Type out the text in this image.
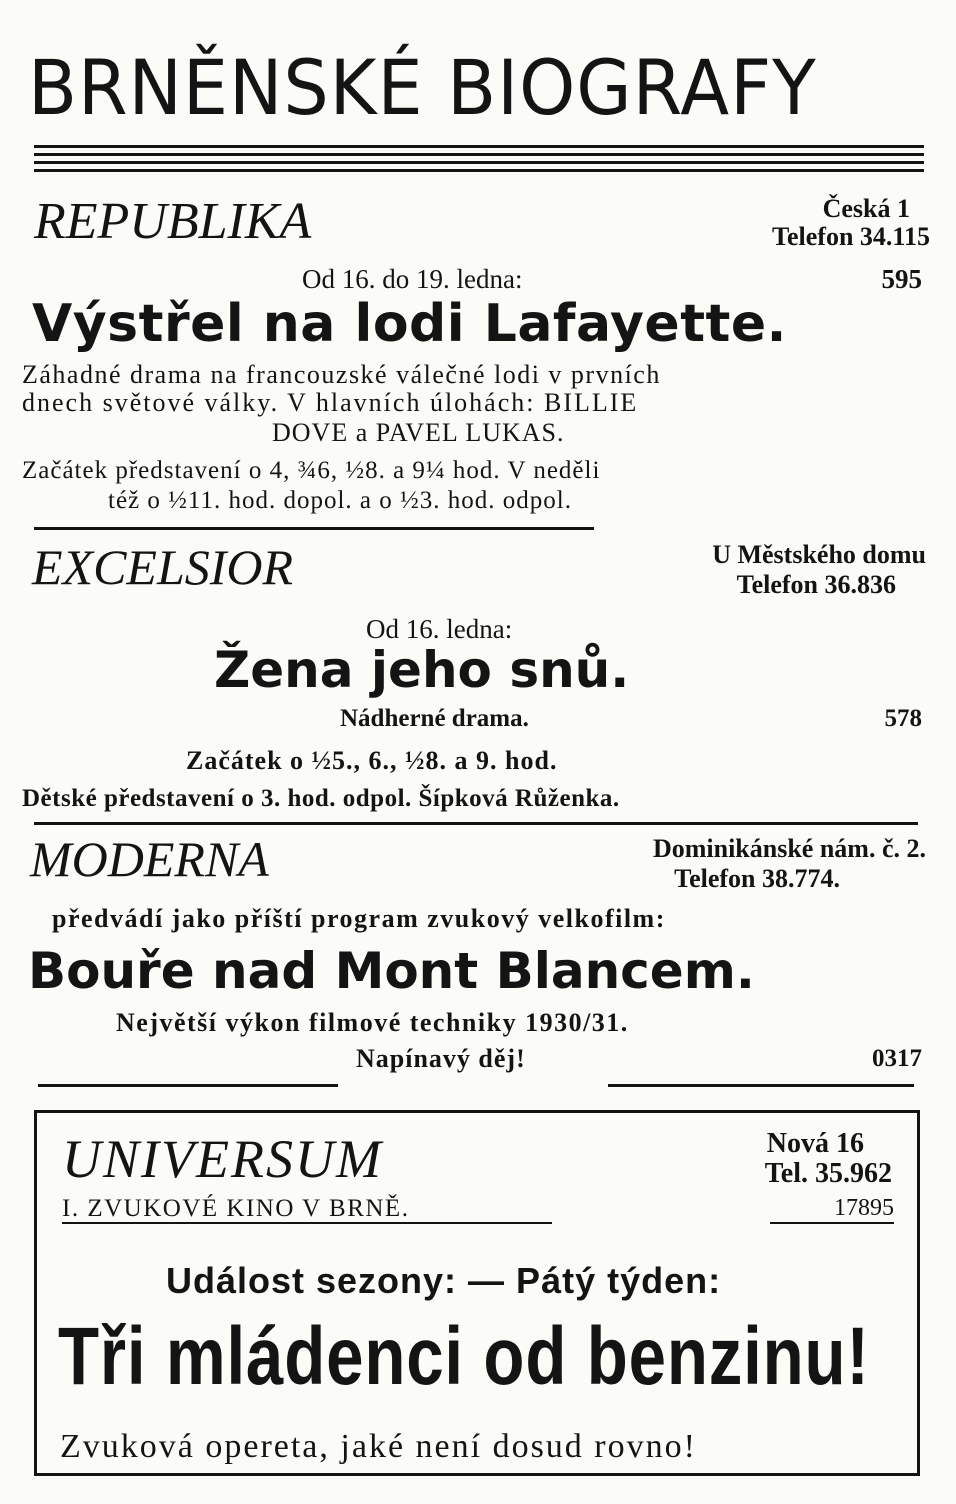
BRNĚNSKÉ BIOGRAFY
REPUBLIKA	Česká 1
Telefon 34.115
Od 16. do 19. ledna:	595
Výstřel na lodi Lafayette.
Záhadné drama na francouzské válečné lodi v prvních
dnech světové války. V hlavních úlohách: BILLIE
DOVE a PAVEL LUKAS.
Začátek představení o 4, ¾6, ½8. a 9¼ hod. V neděli
též o ½11. hod. dopol. a o ½3. hod. odpol.
EXCELSIOR	U Městského domu
Telefon 36.836
Od 16. ledna:
Žena jeho snů.
Nádherné drama.	578
Začátek o ½5., 6., ½8. a 9. hod.
Dětské představení o 3. hod. odpol. Šípková Růženka.
MODERNA	Dominikánské nám. č. 2.
Telefon 38.774.
předvádí jako příští program zvukový velkofilm:
Bouře nad Mont Blancem.
Největší výkon filmové techniky 1930/31.
Napínavý děj!	0317
UNIVERSUM	Nová 16
Tel. 35.962
I. ZVUKOVÉ KINO V BRNĚ.	17895
Událost sezony: — Pátý týden:
Tři mládenci od benzinu!
Zvuková opereta, jaké není dosud rovno!
